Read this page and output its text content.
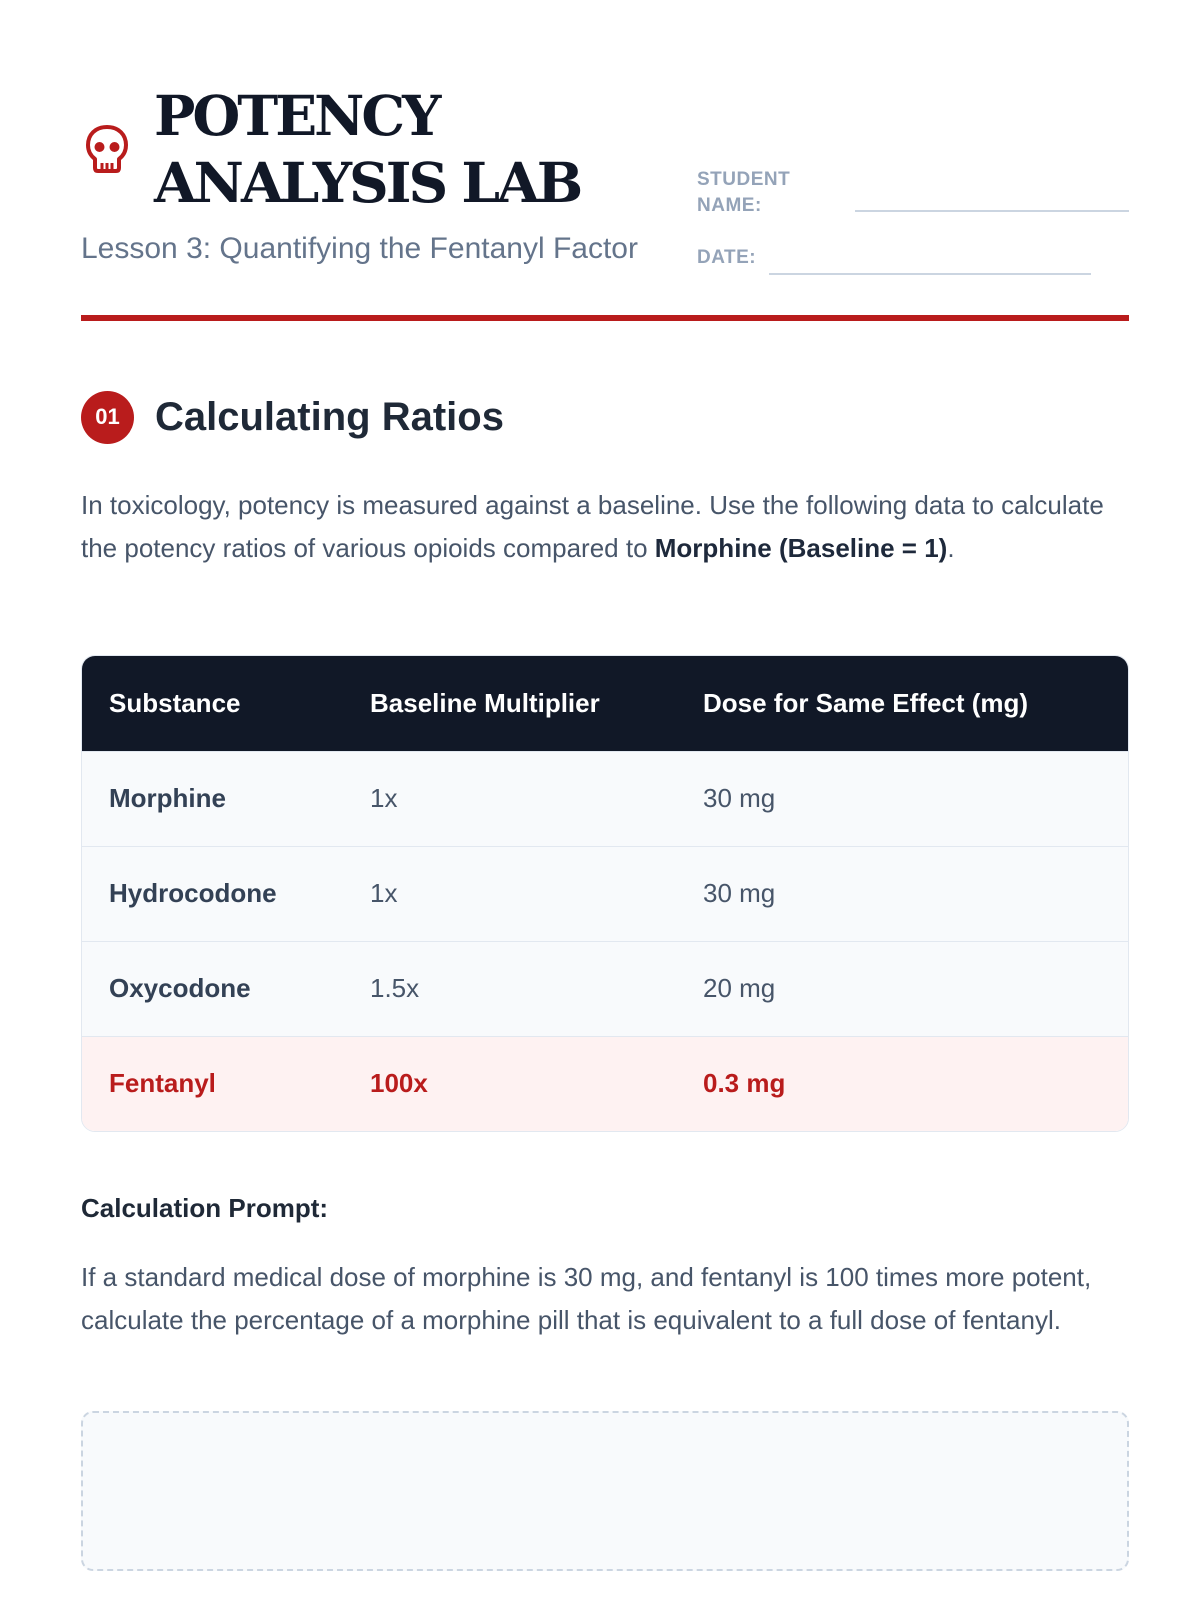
POTENCY ANALYSIS LAB
Lesson 3: Quantifying the Fentanyl Factor
STUDENT NAME:
DATE:
01 Calculating Ratios

In toxicology, potency is measured against a baseline. Use the following data to calculate the potency ratios of various opioids compared to Morphine (Baseline = 1).

Substance	Baseline Multiplier	Dose for Same Effect (mg)
Morphine	1x	30 mg
Hydrocodone	1x	30 mg
Oxycodone	1.5x	20 mg
Fentanyl	100x	0.3 mg
Calculation Prompt:

If a standard medical dose of morphine is 30 mg, and fentanyl is 100 times more potent, calculate the percentage of a morphine pill that is equivalent to a full dose of fentanyl.
